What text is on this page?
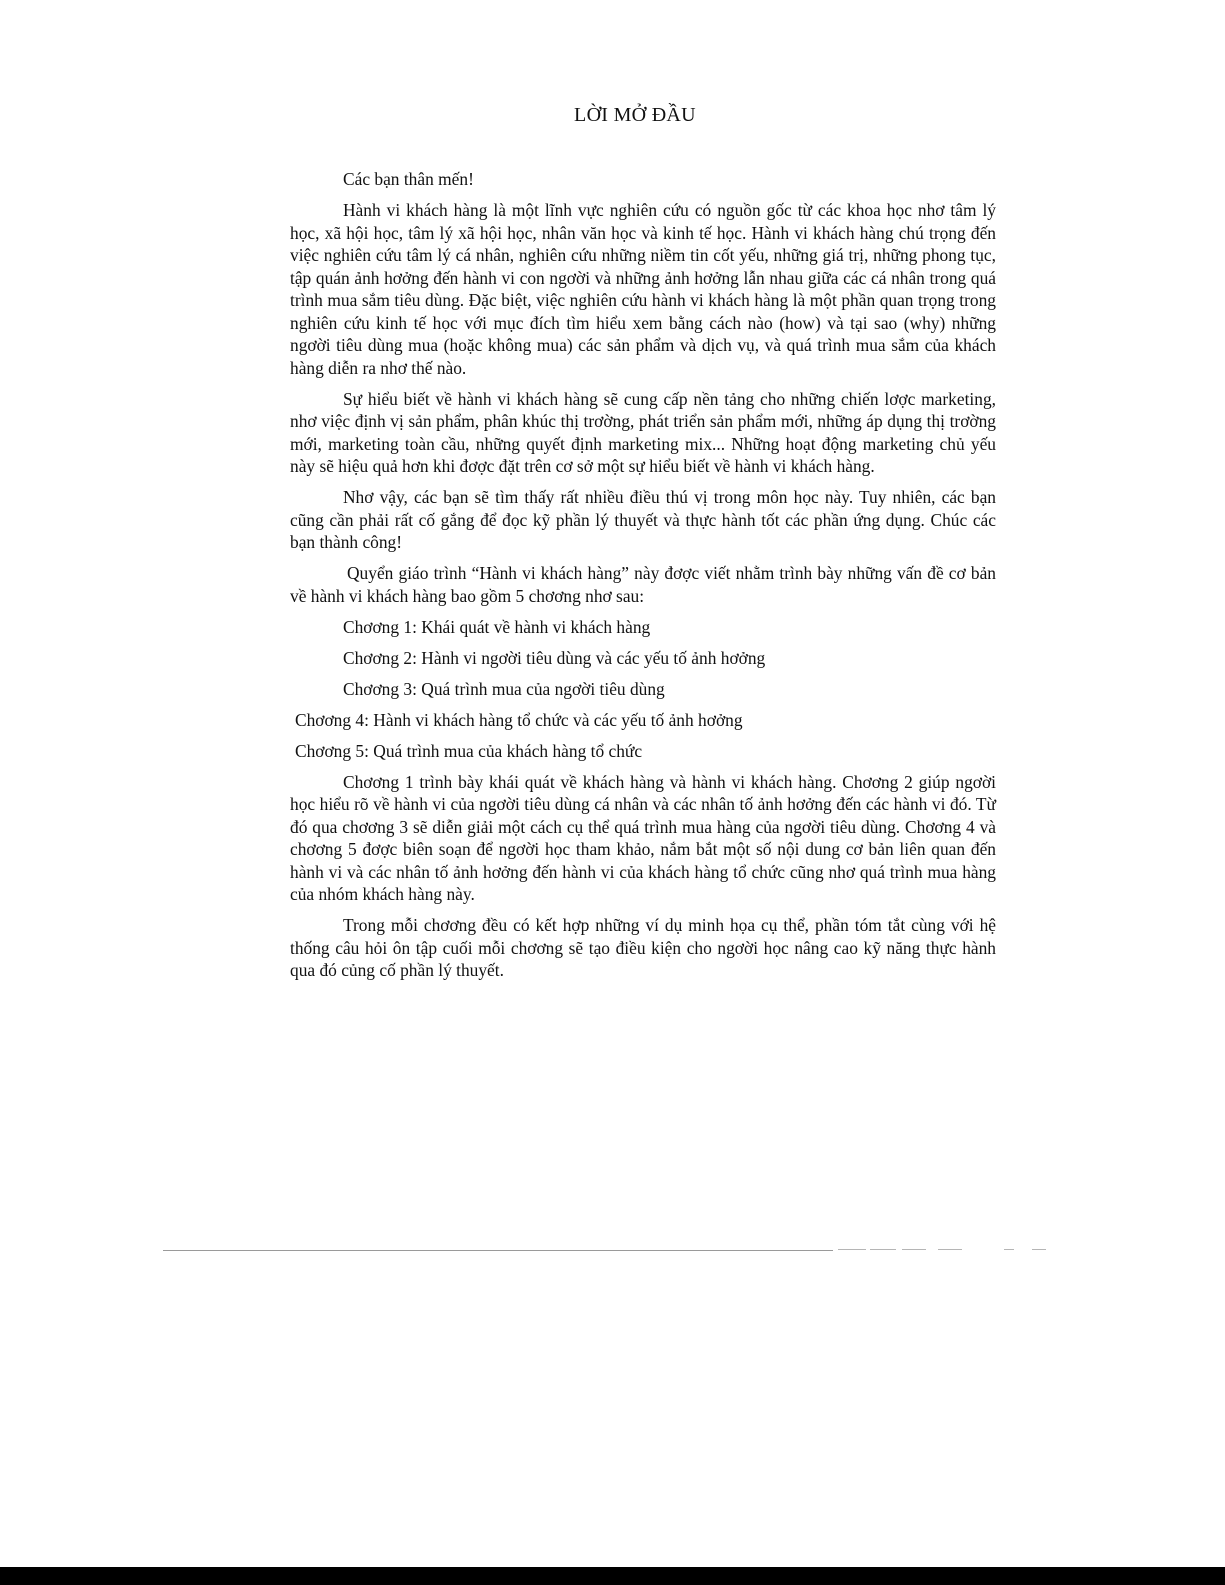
LỜI MỞ ĐẦU

Các bạn thân mến!

Hành vi khách hàng là một lĩnh vực nghiên cứu có nguồn gốc từ các khoa học nhơ tâm lý học, xã hội học, tâm lý xã hội học, nhân văn học và kinh tế học. Hành vi khách hàng chú trọng đến việc nghiên cứu tâm lý cá nhân, nghiên cứu những niềm tin cốt yếu, những giá trị, những phong tục, tập quán ảnh hơởng đến hành vi con ngơời và những ảnh hơởng lẫn nhau giữa các cá nhân trong quá trình mua sắm tiêu dùng. Đặc biệt, việc nghiên cứu hành vi khách hàng là một phần quan trọng trong nghiên cứu kinh tế học với mục đích tìm hiểu xem bằng cách nào (how) và tại sao (why) những ngơời tiêu dùng mua (hoặc không mua) các sản phẩm và dịch vụ, và quá trình mua sắm của khách hàng diễn ra nhơ thế nào.

Sự hiểu biết về hành vi khách hàng sẽ cung cấp nền tảng cho những chiến lơợc marketing, nhơ việc định vị sản phẩm, phân khúc thị trơờng, phát triển sản phẩm mới, những áp dụng thị trơờng mới, marketing toàn cầu, những quyết định marketing mix... Những hoạt động marketing chủ yếu này sẽ hiệu quả hơn khi đơợc đặt trên cơ sở một sự hiểu biết về hành vi khách hàng.

Nhơ vậy, các bạn sẽ tìm thấy rất nhiều điều thú vị trong môn học này. Tuy nhiên, các bạn cũng cần phải rất cố gắng để đọc kỹ phần lý thuyết và thực hành tốt các phần ứng dụng. Chúc các bạn thành công!

Quyển giáo trình “Hành vi khách hàng” này đơợc viết nhằm trình bày những vấn đề cơ bản về hành vi khách hàng bao gồm 5 chơơng nhơ sau:

Chơơng 1: Khái quát về hành vi khách hàng

Chơơng 2: Hành vi ngơời tiêu dùng và các yếu tố ảnh hơởng

Chơơng 3: Quá trình mua của ngơời tiêu dùng

Chơơng 4: Hành vi khách hàng tổ chức và các yếu tố ảnh hơởng

Chơơng 5: Quá trình mua của khách hàng tổ chức

Chơơng 1 trình bày khái quát về khách hàng và hành vi khách hàng. Chơơng 2 giúp ngơời học hiểu rõ về hành vi của ngơời tiêu dùng cá nhân và các nhân tố ảnh hơởng đến các hành vi đó. Từ đó qua chơơng 3 sẽ diễn giải một cách cụ thể quá trình mua hàng của ngơời tiêu dùng. Chơơng 4 và chơơng 5 đơợc biên soạn để ngơời học tham khảo, nắm bắt một số nội dung cơ bản liên quan đến hành vi và các nhân tố ảnh hơởng đến hành vi của khách hàng tổ chức cũng nhơ quá trình mua hàng của nhóm khách hàng này.

Trong mỗi chơơng đều có kết hợp những ví dụ minh họa cụ thể, phần tóm tắt cùng với hệ thống câu hỏi ôn tập cuối mỗi chơơng sẽ tạo điều kiện cho ngơời học nâng cao kỹ năng thực hành qua đó củng cố phần lý thuyết.
